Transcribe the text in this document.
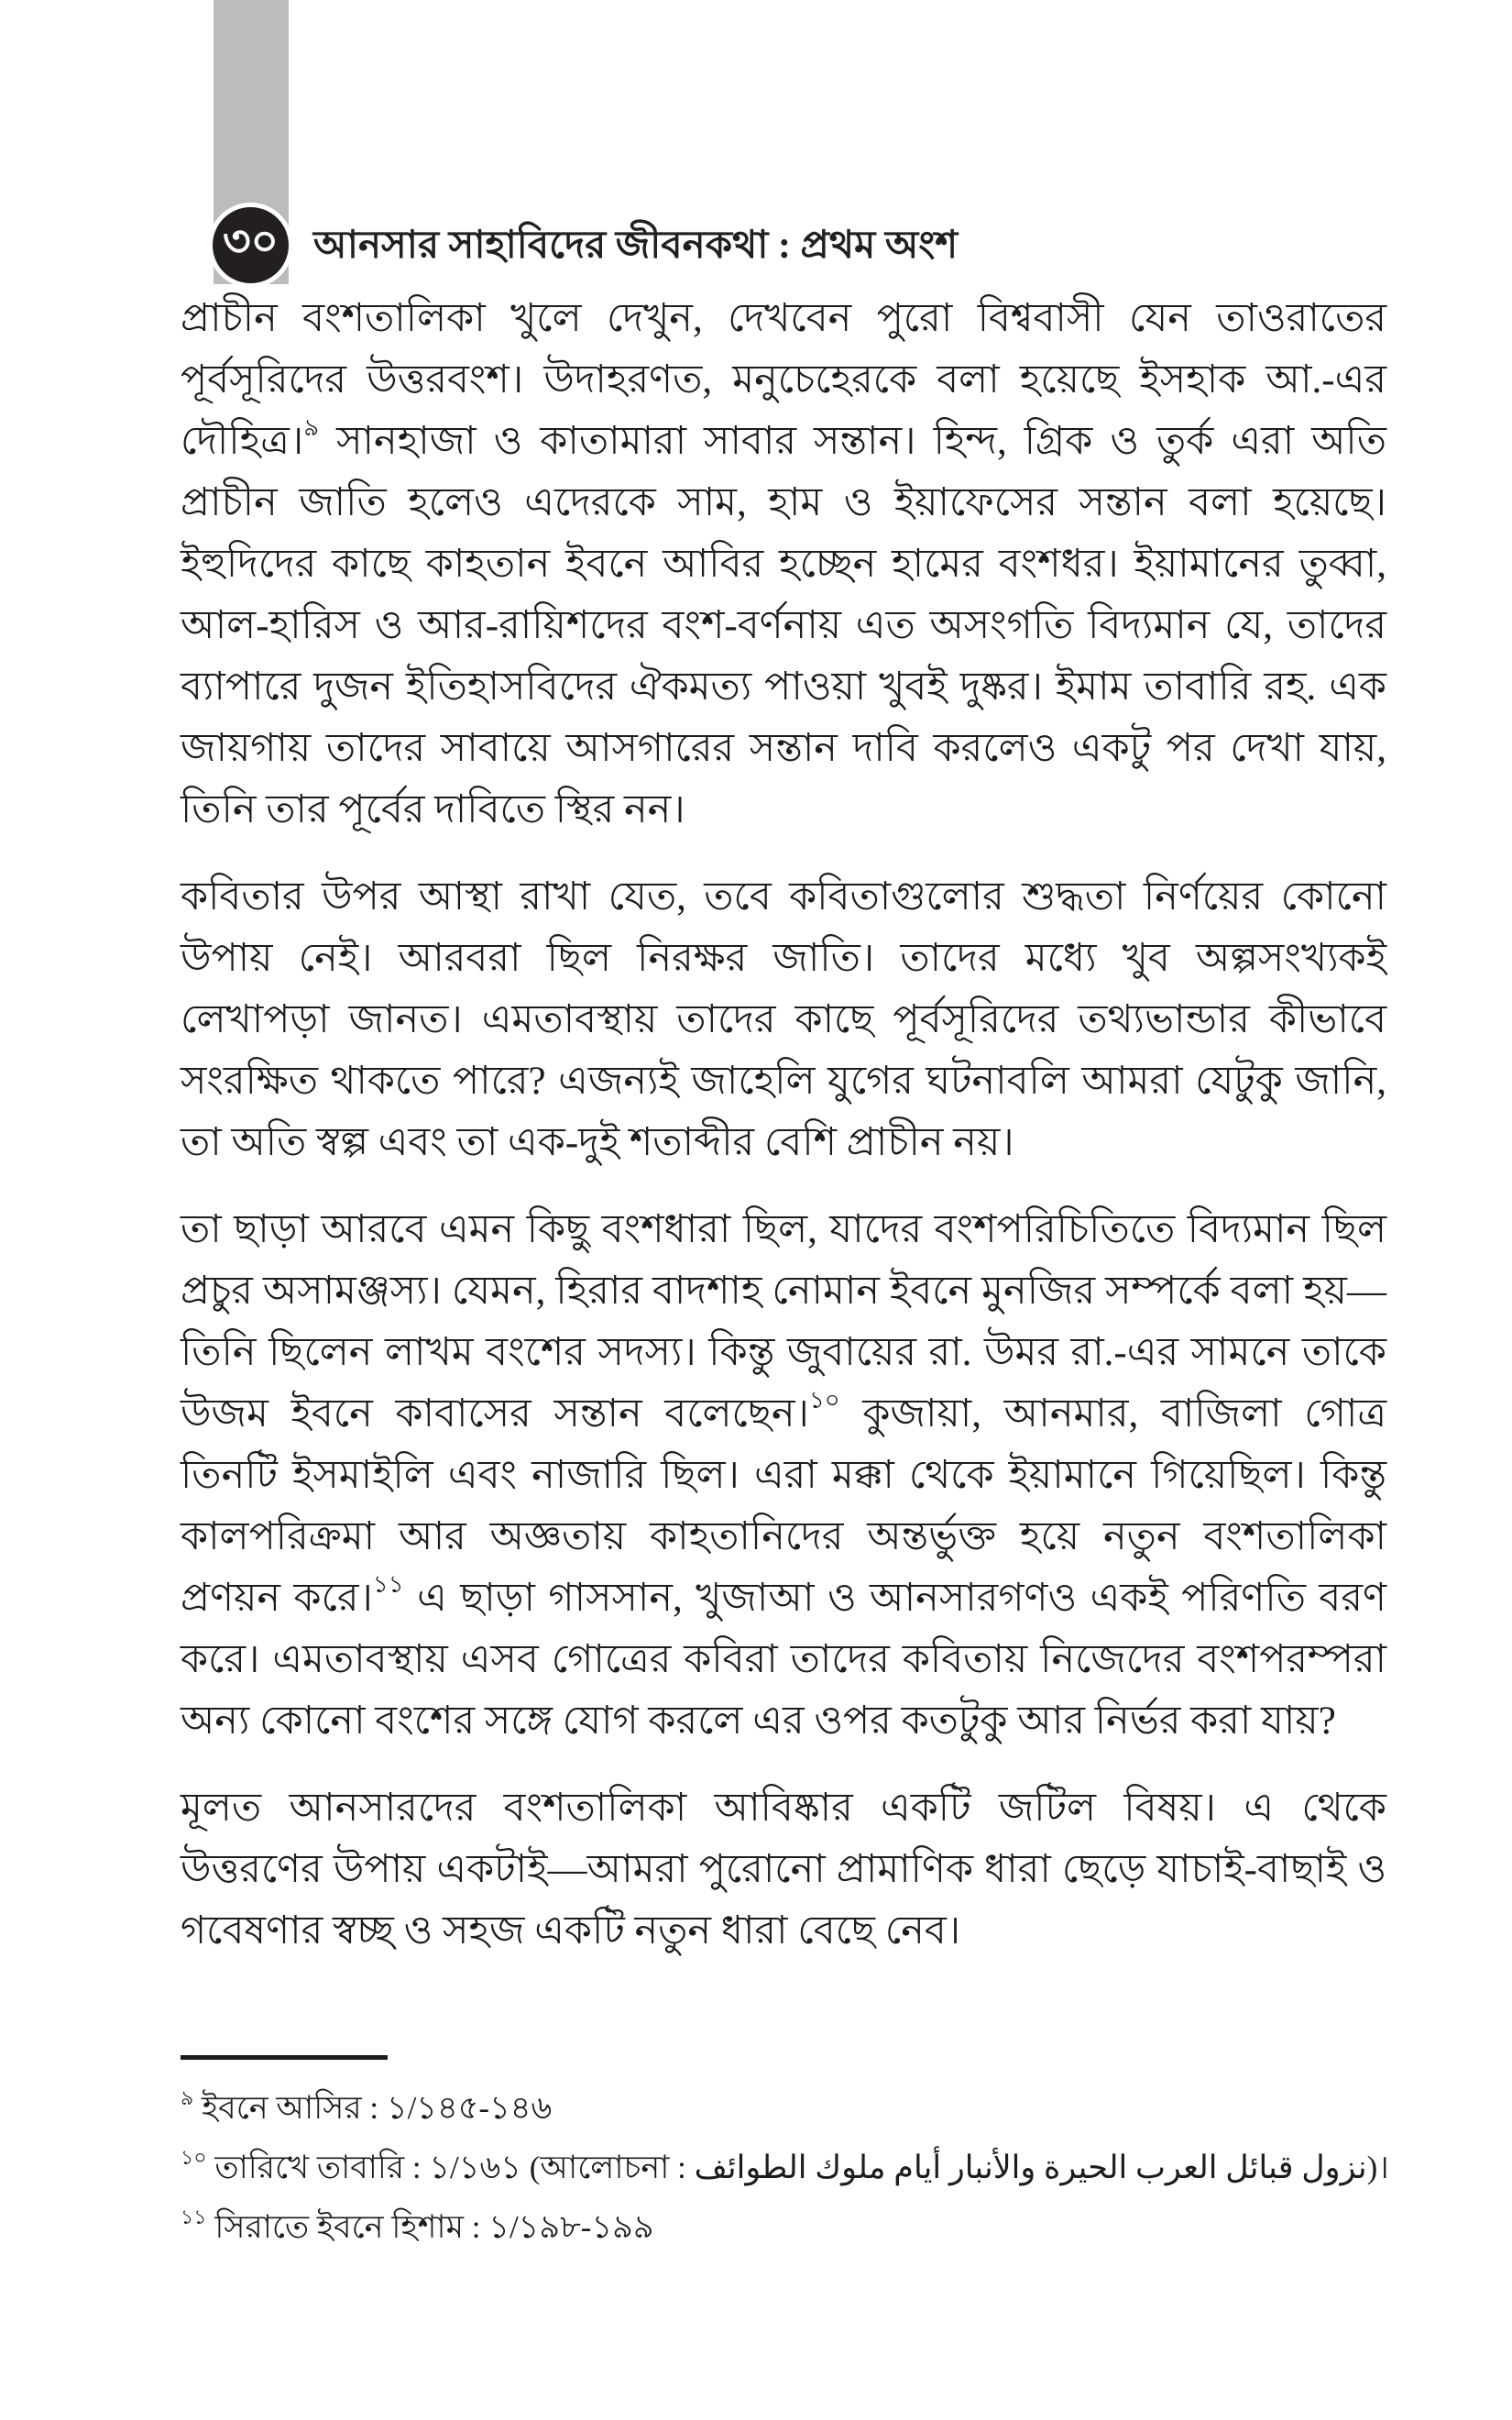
৩০ আনসার সাহাবিদের জীবনকথা : প্রথম অংশ

প্রাচীন বংশতালিকা খুলে দেখুন, দেখবেন পুরো বিশ্ববাসী যেন তাওরাতের পূর্বসূরিদের উত্তরবংশ। উদাহরণত, মনুচেহেরকে বলা হয়েছে ইসহাক আ.-এর দৌহিত্র।$^৯$ সানহাজা ও কাতামারা সাবার সন্তান। হিন্দ, গ্রিক ও তুর্ক এরা অতি প্রাচীন জাতি হলেও এদেরকে সাম, হাম ও ইয়াফেসের সন্তান বলা হয়েছে। ইহুদিদের কাছে কাহতান ইবনে আবির হচ্ছেন হামের বংশধর। ইয়ামানের তুব্বা, আল-হারিস ও আর-রায়িশদের বংশ-বর্ণনায় এত অসংগতি বিদ্যমান যে, তাদের ব্যাপারে দুজন ইতিহাসবিদের ঐকমত্য পাওয়া খুবই দুষ্কর। ইমাম তাবারি রহ. এক জায়গায় তাদের সাবায়ে আসগারের সন্তান দাবি করলেও একটু পর দেখা যায়, তিনি তার পূর্বের দাবিতে স্থির নন।

কবিতার উপর আস্থা রাখা যেত, তবে কবিতাগুলোর শুদ্ধতা নির্ণয়ের কোনো উপায় নেই। আরবরা ছিল নিরক্ষর জাতি। তাদের মধ্যে খুব অল্পসংখ্যকই লেখাপড়া জানত। এমতাবস্থায় তাদের কাছে পূর্বসূরিদের তথ্যভান্ডার কীভাবে সংরক্ষিত থাকতে পারে? এজন্যই জাহেলি যুগের ঘটনাবলি আমরা যেটুকু জানি, তা অতি স্বল্প এবং তা এক-দুই শতাব্দীর বেশি প্রাচীন নয়।

তা ছাড়া আরবে এমন কিছু বংশধারা ছিল, যাদের বংশপরিচিতিতে বিদ্যমান ছিল প্রচুর অসামঞ্জস্য। যেমন, হিরার বাদশাহ নোমান ইবনে মুনজির সম্পর্কে বলা হয়—তিনি ছিলেন লাখম বংশের সদস্য। কিন্তু জুবায়ের রা. উমর রা.-এর সামনে তাকে উজম ইবনে কাবাসের সন্তান বলেছেন।$^{১০}$ কুজায়া, আনমার, বাজিলা গোত্র তিনটি ইসমাইলি এবং নাজারি ছিল। এরা মক্কা থেকে ইয়ামানে গিয়েছিল। কিন্তু কালপরিক্রমা আর অজ্ঞতায় কাহতানিদের অন্তর্ভুক্ত হয়ে নতুন বংশতালিকা প্রণয়ন করে।$^{১১}$ এ ছাড়া গাসসান, খুজাআ ও আনসারগণও একই পরিণতি বরণ করে। এমতাবস্থায় এসব গোত্রের কবিরা তাদের কবিতায় নিজেদের বংশপরম্পরা অন্য কোনো বংশের সঙ্গে যোগ করলে এর ওপর কতটুকু আর নির্ভর করা যায়?

মূলত আনসারদের বংশতালিকা আবিষ্কার একটি জটিল বিষয়। এ থেকে উত্তরণের উপায় একটাই—আমরা পুরোনো প্রামাণিক ধারা ছেড়ে যাচাই-বাছাই ও গবেষণার স্বচ্ছ ও সহজ একটি নতুন ধারা বেছে নেব।

$^৯$ ইবনে আসির : ১/১৪৫-১৪৬
$^{১০}$ তারিখে তাবারি : ১/১৬১ (আলোচনা : نزول قبائل العرب الحيرة والأنبار أيام ملوك الطوائف)।
$^{১১}$ সিরাতে ইবনে হিশাম : ১/১৯৮-১৯৯
